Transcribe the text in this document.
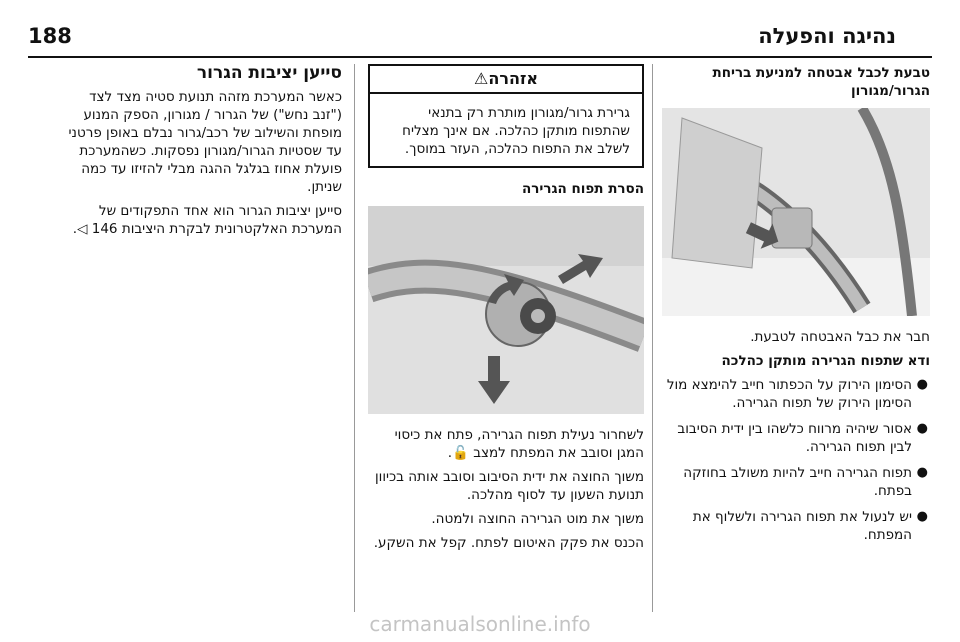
נהיגה והפעלה
188

טבעת לכבל אבטחה למניעת בריחת הגרור/מגורון

חבר את כבל האבטחה לטבעת.

ודא שתפוח הגרירה מותקן כהלכה

●
הסימון הירוק על הכפתור חייב להימצא מול הסימון הירוק של תפוח הגרירה.
●
אסור שיהיה מרווח כלשהו בין ידית הסיבוב לבין תפוח הגרירה.
●
תפוח הגרירה חייב להיות משולב בחוזקה בפתח.
●
יש לנעול את תפוח הגרירה ולשלוף את המפתח.
אזהרה⚠
גרירת גרור/מגורון מותרת רק בתנאי שהתפוח מותקן כהלכה. אם אינך מצליח לשלב את התפוח כהלכה, העזר במוסך.

הסרת תפוח הגרירה

לשחרור נעילת תפוח הגרירה, פתח את כיסוי המגן וסובב את המפתח למצב 🔓.

משוך החוצה את ידית הסיבוב וסובב אותה בכיוון תנועת השעון עד לסוף מהלכה.

משוך את מוט הגרירה החוצה ולמטה.

הכנס את פקק האיטום לפתח. קפל את השקע.

סייען יציבות הגרור

כאשר המערכת מזהה תנועת סטיה מצד לצד ("זנב נחש") של הגרור / מגורון, הספק המנוע מופחת והשילוב של רכב/גרור נבלם באופן פרטני עד שסטיות הגרור/מגורון נפסקות. כשהמערכת פועלת אחוז בגלגל ההגה מבלי להזיזו עד כמה שניתן.

סייען יציבות הגרור הוא אחד התפקודים של המערכת האלקטרונית לבקרת היציבות 146 ◁.

carmanualsonline.info
